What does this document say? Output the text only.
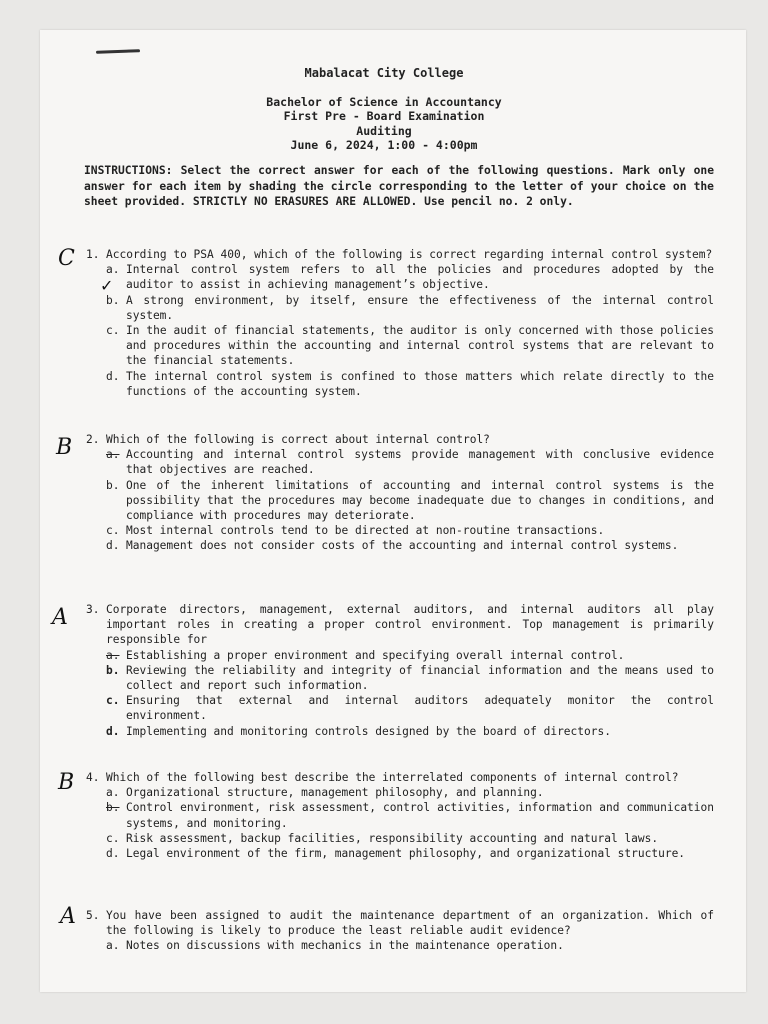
Mabalacat City College
Bachelor of Science in Accountancy
First Pre - Board Examination
Auditing
June 6, 2024, 1:00 - 4:00pm
INSTRUCTIONS: Select the correct answer for each of the following questions. Mark only one answer for each item by shading the circle corresponding to the letter of your choice on the sheet provided. STRICTLY NO ERASURES ARE ALLOWED. Use pencil no. 2 only.
C 1. According to PSA 400, which of the following is correct regarding internal control system?
a. Internal control system refers to all the policies and procedures adopted by the auditor to assist in achieving management’s objective.
b. A strong environment, by itself, ensure the effectiveness of the internal control system.
c. In the audit of financial statements, the auditor is only concerned with those policies and procedures within the accounting and internal control systems that are relevant to the financial statements.
d. The internal control system is confined to those matters which relate directly to the functions of the accounting system.
✓
B 2. Which of the following is correct about internal control?
a. Accounting and internal control systems provide management with conclusive evidence that objectives are reached.
b. One of the inherent limitations of accounting and internal control systems is the possibility that the procedures may become inadequate due to changes in conditions, and compliance with procedures may deteriorate.
c. Most internal controls tend to be directed at non-routine transactions.
d. Management does not consider costs of the accounting and internal control systems.
A 3. Corporate directors, management, external auditors, and internal auditors all play important roles in creating a proper control environment. Top management is primarily responsible for
a. Establishing a proper environment and specifying overall internal control.
b. Reviewing the reliability and integrity of financial information and the means used to collect and report such information.
c. Ensuring that external and internal auditors adequately monitor the control environment.
d. Implementing and monitoring controls designed by the board of directors.
B 4. Which of the following best describe the interrelated components of internal control?
a. Organizational structure, management philosophy, and planning.
b. Control environment, risk assessment, control activities, information and communication systems, and monitoring.
c. Risk assessment, backup facilities, responsibility accounting and natural laws.
d. Legal environment of the firm, management philosophy, and organizational structure.
A 5. You have been assigned to audit the maintenance department of an organization. Which of the following is likely to produce the least reliable audit evidence?
a. Notes on discussions with mechanics in the maintenance operation.
